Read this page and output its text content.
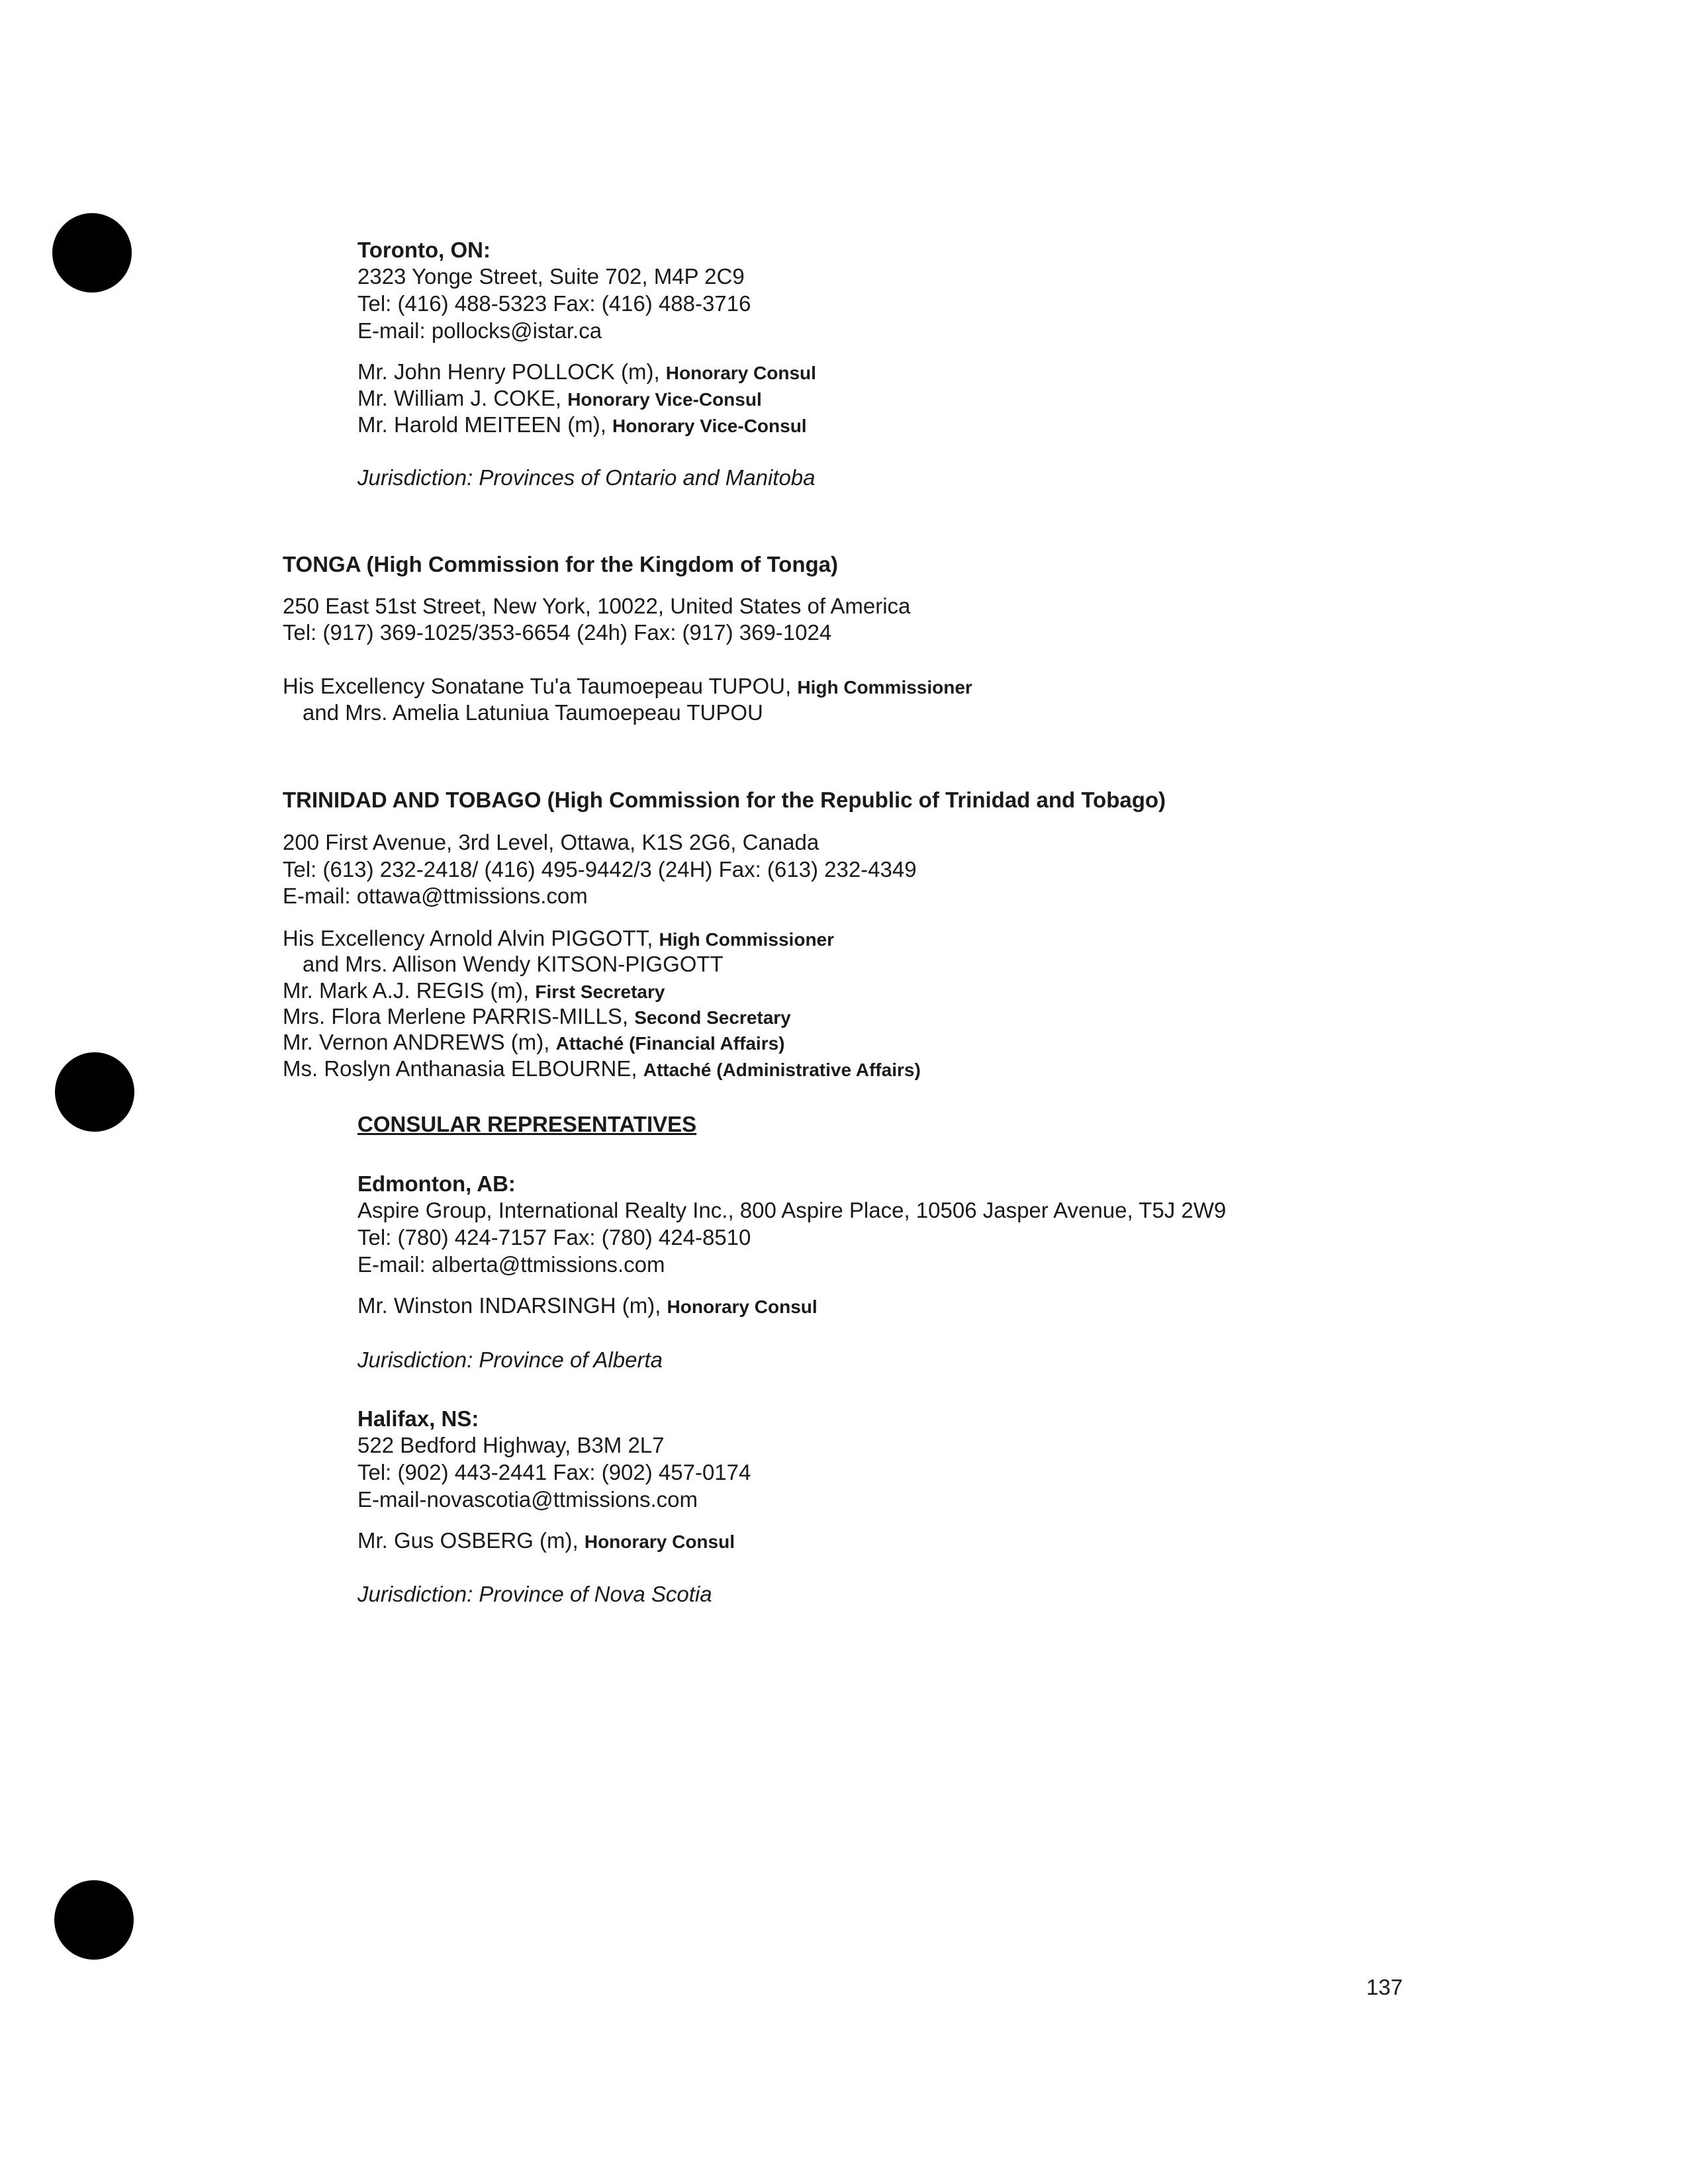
Toronto, ON:
2323 Yonge Street, Suite 702, M4P 2C9
Tel: (416) 488-5323 Fax: (416) 488-3716
E-mail: pollocks@istar.ca
Mr. John Henry POLLOCK (m), Honorary Consul
Mr. William J. COKE, Honorary Vice-Consul
Mr. Harold MEITEEN (m), Honorary Vice-Consul
Jurisdiction: Provinces of Ontario and Manitoba
TONGA (High Commission for the Kingdom of Tonga)
250 East 51st Street, New York, 10022, United States of America
Tel: (917) 369-1025/353-6654 (24h) Fax: (917) 369-1024
His Excellency Sonatane Tu'a Taumoepeau TUPOU, High Commissioner
and Mrs. Amelia Latuniua Taumoepeau TUPOU
TRINIDAD AND TOBAGO (High Commission for the Republic of Trinidad and Tobago)
200 First Avenue, 3rd Level, Ottawa, K1S 2G6, Canada
Tel: (613) 232-2418/ (416) 495-9442/3 (24H) Fax: (613) 232-4349
E-mail: ottawa@ttmissions.com
His Excellency Arnold Alvin PIGGOTT, High Commissioner
and Mrs. Allison Wendy KITSON-PIGGOTT
Mr. Mark A.J. REGIS (m), First Secretary
Mrs. Flora Merlene PARRIS-MILLS, Second Secretary
Mr. Vernon ANDREWS (m), Attaché (Financial Affairs)
Ms. Roslyn Anthanasia ELBOURNE, Attaché (Administrative Affairs)
CONSULAR REPRESENTATIVES
Edmonton, AB:
Aspire Group, International Realty Inc., 800 Aspire Place, 10506 Jasper Avenue, T5J 2W9
Tel: (780) 424-7157 Fax: (780) 424-8510
E-mail: alberta@ttmissions.com
Mr. Winston INDARSINGH (m), Honorary Consul
Jurisdiction: Province of Alberta
Halifax, NS:
522 Bedford Highway, B3M 2L7
Tel: (902) 443-2441 Fax: (902) 457-0174
E-mail-novascotia@ttmissions.com
Mr. Gus OSBERG (m), Honorary Consul
Jurisdiction: Province of Nova Scotia
137
